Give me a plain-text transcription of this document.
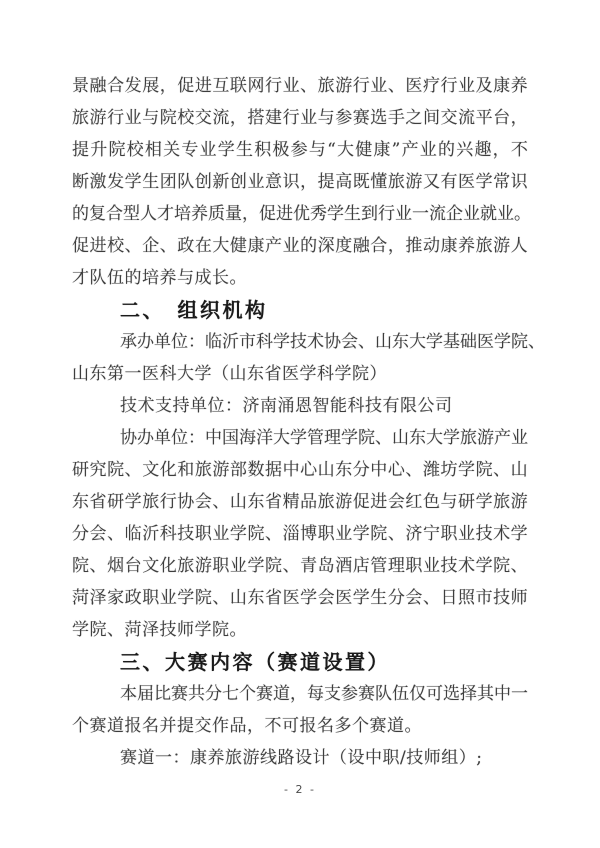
景 融 合 发 展 ， 促 进 互 联 网 行 业 、 旅 游 行 业 、 医 疗 行 业 及 康 养
旅 游 行 业 与 院 校 交 流 ， 搭 建 行 业 与 参 赛 选 手 之 间 交 流 平 台 ，
提 升 院 校 相 关 专 业 学 生 积 极 参 与 “ 大 健 康 ” 产 业 的 兴 趣 ， 不
断 激 发 学 生 团 队 创 新 创 业 意 识 ， 提 高 既 懂 旅 游 又 有 医 学 常 识
的 复 合 型 人 才 培 养 质 量 ， 促 进 优 秀 学 生 到 行 业 一 流 企 业 就 业 。
促 进 校 、 企 、 政 在 大 健 康 产 业 的 深 度 融 合 ， 推 动 康 养 旅 游 人
才队伍的培养与成长。
二、　组织机构
承 办 单 位 ： 临 沂 市 科 学 技 术 协 会 、 山 东 大 学 基 础 医 学 院 、
山东第一医科大学（山东省医学科学院）
技术支持单位：济南涌恩智能科技有限公司
协 办 单 位 ： 中 国 海 洋 大 学 管 理 学 院 、 山 东 大 学 旅 游 产 业
研 究 院 、 文 化 和 旅 游 部 数 据 中 心 山 东 分 中 心 、 潍 坊 学 院 、 山
东 省 研 学 旅 行 协 会 、 山 东 省 精 品 旅 游 促 进 会 红 色 与 研 学 旅 游
分 会 、 临 沂 科 技 职 业 学 院 、 淄 博 职 业 学 院 、 济 宁 职 业 技 术 学
院 、 烟 台 文 化 旅 游 职 业 学 院 、 青 岛 酒 店 管 理 职 业 技 术 学 院 、
菏 泽 家 政 职 业 学 院 、 山 东 省 医 学 会 医 学 生 分 会 、 日 照 市 技 师
学院、菏泽技师学院。
三、大赛内容（赛道设置）
本 届 比 赛 共 分 七 个 赛 道 ， 每 支 参 赛 队 伍 仅 可 选 择 其 中 一
个赛道报名并提交作品，不可报名多个赛道。
赛道一：康养旅游线路设计（设中职/技师组）;
- 2 -
